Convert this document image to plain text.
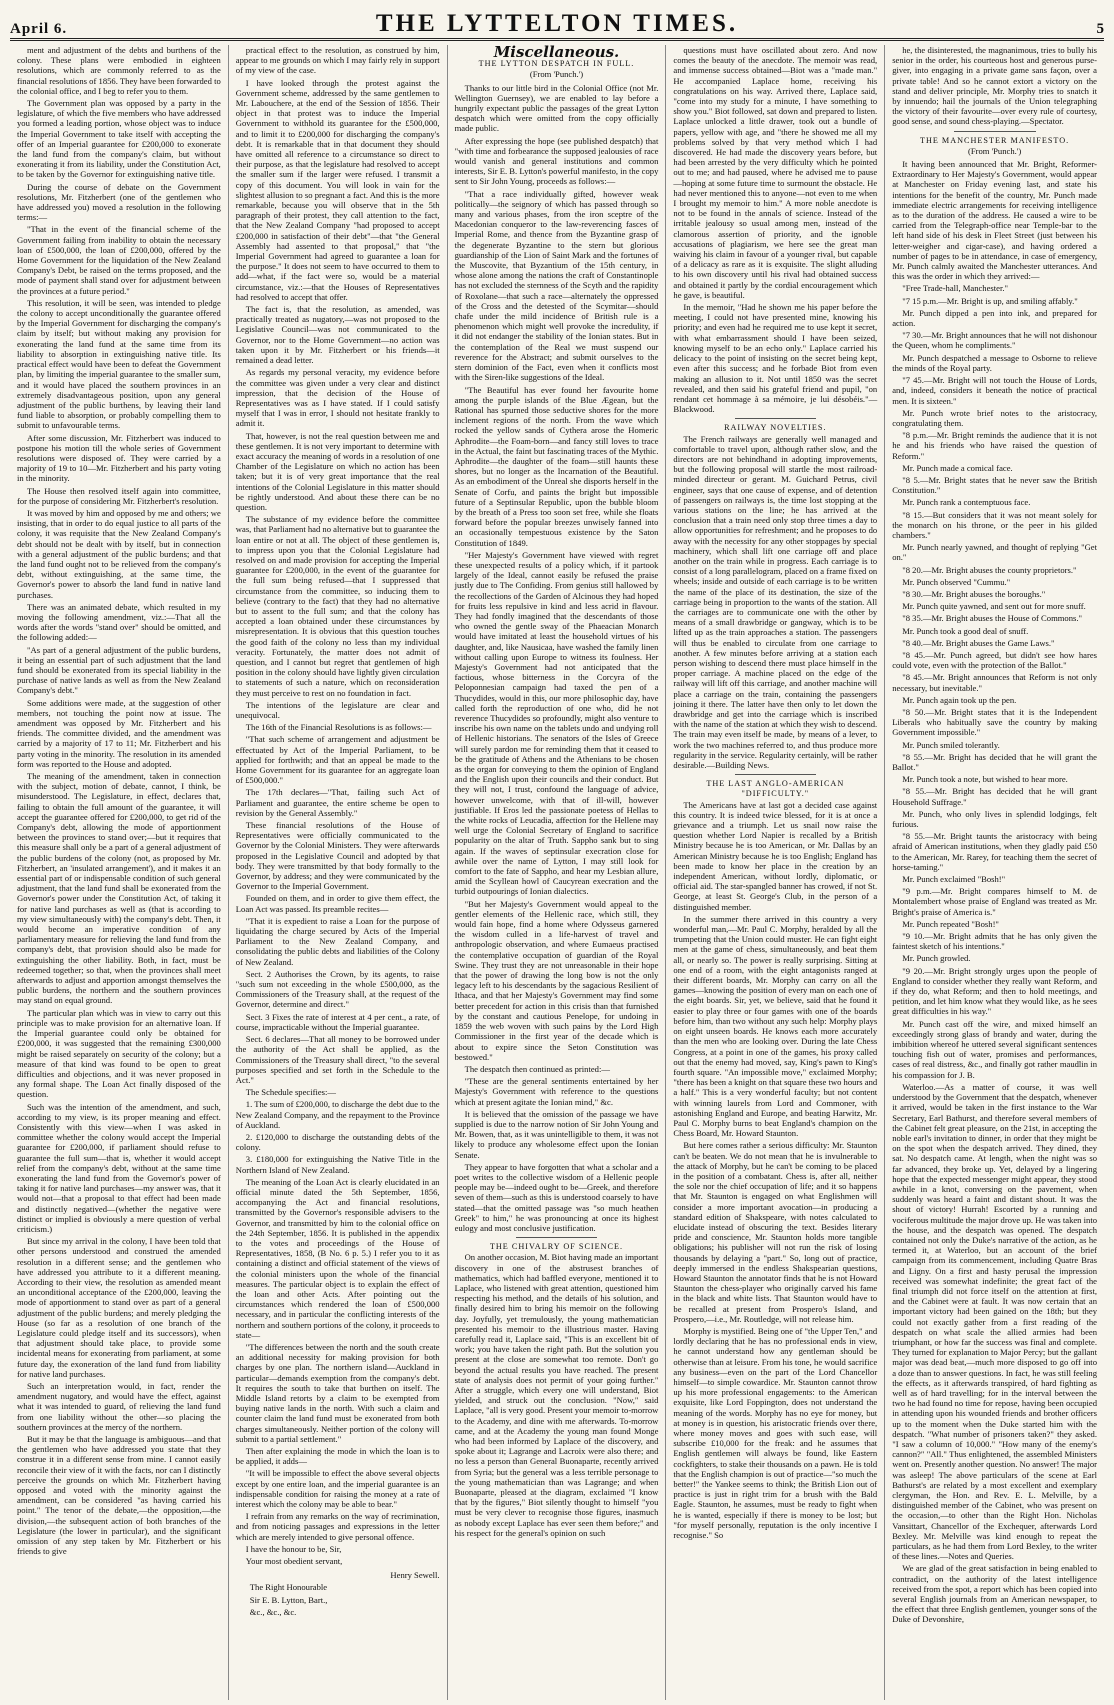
April 6.	THE LYTTELTON TIMES.	5

ment and adjustment of the debts and burthens of the colony. These plans were embodied in eighteen resolutions, which are commonly referred to as the financial resolutions of 1856. They have been forwarded to the colonial office, and I beg to refer you to them.

The Government plan was opposed by a party in the legislature, of which the five members who have addressed you formed a leading portion, whose object was to induce the Imperial Government to take itself with accepting the offer of an Imperial guarantee for £200,000 to exonerate the land fund from the company's claim, but without exonerating it from its liability, under the Constitution Act, to be taken by the Governor for extinguishing native title.

During the course of debate on the Government resolutions, Mr. Fitzherbert (one of the gentlemen who have addressed you) moved a resolution in the following terms:—

"That in the event of the financial scheme of the Government failing from inability to obtain the necessary loan of £500,000, the loan of £200,000, offered by the Home Government for the liquidation of the New Zealand Company's Debt, be raised on the terms proposed, and the mode of payment shall stand over for adjustment between the provinces at a future period."

This resolution, it will be seen, was intended to pledge the colony to accept unconditionally the guarantee offered by the Imperial Government for discharging the company's claim by itself; but without making any provision for exonerating the land fund at the same time from its liability to absorption in extinguishing native title. Its practical effect would have been to defeat the Government plan, by limiting the imperial guarantee to the smaller sum, and it would have placed the southern provinces in an extremely disadvantageous position, upon any general adjustment of the public burthens, by leaving their land fund liable to absorption, or probably compelling them to submit to unfavourable terms.

After some discussion, Mr. Fitzherbert was induced to postpone his motion till the whole series of Government resolutions were disposed of. They were carried by a majority of 19 to 10—Mr. Fitzherbert and his party voting in the minority.

The House then resolved itself again into committee, for the purpose of considering Mr. Fitzherbert's resolution.

It was moved by him and opposed by me and others; we insisting, that in order to do equal justice to all parts of the colony, it was requisite that the New Zealand Company's debt should not be dealt with by itself, but in connection with a general adjustment of the public burdens; and that the land fund ought not to be relieved from the company's debt, without extinguishing, at the same time, the Governor's power to absorb the land fund in native land purchases.

There was an animated debate, which resulted in my moving the following amendment, viz.:—That all the words after the words "stand over" should be omitted, and the following added:—

"As part of a general adjustment of the public burdens, it being an essential part of such adjustment that the land fund should be exonerated from its special liability in the purchase of native lands as well as from the New Zealand Company's debt."

Some additions were made, at the suggestion of other members, not touching the point now at issue. The amendment was opposed by Mr. Fitzherbert and his friends. The committee divided, and the amendment was carried by a majority of 17 to 11; Mr. Fitzherbert and his party voting in the minority. The resolution in its amended form was reported to the House and adopted.

The meaning of the amendment, taken in connection with the subject, motion of debate, cannot, I think, be misunderstood. The Legislature, in effect, declares that, failing to obtain the full amount of the guarantee, it will accept the guarantee offered for £200,000, to get rid of the Company's debt, allowing the mode of apportionment between the provinces to stand over;—but it requires that this measure shall only be a part of a general adjustment of the public burdens of the colony (not, as proposed by Mr. Fitzherbert, an 'insulated arrangement'), and it makes it an essential part of or indispensable condition of such general adjustment, that the land fund shall be exonerated from the Governor's power under the Constitution Act, of taking it for native land purchases as well as (that is according to my view simultaneously with) the company's debt. Then, it would become an imperative condition of any parliamentary measure for relieving the land fund from the company's debt, that provision should also be made for extinguishing the other liability. Both, in fact, must be redeemed together; so that, when the provinces shall meet afterwards to adjust and apportion amongst themselves the public burdens, the northern and the southern provinces may stand on equal ground.

The particular plan which was in view to carry out this principle was to make provision for an alternative loan. If the Imperial guarantee could only be obtained for £200,000, it was suggested that the remaining £300,000 might be raised separately on security of the colony; but a measure of that kind was found to be open to great difficulties and objections, and it was never proposed in any formal shape. The Loan Act finally disposed of the question.

Such was the intention of the amendment, and such, according to my view, is its proper meaning and effect. Consistently with this view—when I was asked in committee whether the colony would accept the Imperial guarantee for £200,000, if parliament should refuse to guarantee the full sum—that is, whether it would accept relief from the company's debt, without at the same time exonerating the land fund from the Governor's power of taking it for native land purchases—my answer was, that it would not—that a proposal to that effect had been made and distinctly negatived—(whether the negative were distinct or implied is obviously a mere question of verbal criticism.)

But since my arrival in the colony, I have been told that other persons understood and construed the amended resolution in a different sense; and the gentlemen who have addressed you attribute to it a different meaning. According to their view, the resolution as amended meant an unconditional acceptance of the £200,000, leaving the mode of apportionment to stand over as part of a general adjustment of the public burdens; and merely pledging the House (so far as a resolution of one branch of the Legislature could pledge itself and its successors), when that adjustment should take place, to provide some incidental means for exonerating from parliament, at some future day, the exoneration of the land fund from liability for native land purchases.

Such an interpretation would, in fact, render the amendment nugatory, and would have the effect, against what it was intended to guard, of relieving the land fund from one liability without the other—so placing the southern provinces at the mercy of the northern.

But it may be that the language is ambiguous—and that the gentlemen who have addressed you state that they construe it in a different sense from mine. I cannot easily reconcile their view of it with the facts, nor can I distinctly perceive the grounds on which Mr. Fitzherbert having opposed and voted with the minority against the amendment, can be considered "as having carried his point." The tenor of the debate,—the opposition,—the division,—the subsequent action of both branches of the Legislature (the lower in particular), and the significant omission of any step taken by Mr. Fitzherbert or his friends to give

practical effect to the resolution, as construed by him, appear to me grounds on which I may fairly rely in support of my view of the case.

I have looked through the protest against the Government scheme, addressed by the same gentlemen to Mr. Labouchere, at the end of the Session of 1856. Their object in that protest was to induce the Imperial Government to withhold its guarantee for the £500,000, and to limit it to £200,000 for discharging the company's debt. It is remarkable that in that document they should have omitted all reference to a circumstance so direct to their purpose, as that the legislature had resolved to accept the smaller sum if the larger were refused. I transmit a copy of this document. You will look in vain for the slightest allusion to so pregnant a fact. And this is the more remarkable, because you will observe that in the 5th paragraph of their protest, they call attention to the fact, that the New Zealand Company "had proposed to accept £200,000 in satisfaction of their debt"—that "the General Assembly had assented to that proposal," that "the Imperial Government had agreed to guarantee a loan for the purpose." It does not seem to have occurred to them to add—what, if the fact were so, would be a material circumstance, viz.:—that the Houses of Representatives had resolved to accept that offer.

The fact is, that the resolution, as amended, was practically treated as nugatory,—was not proposed to the Legislative Council—was not communicated to the Governor, nor to the Home Government—no action was taken upon it by Mr. Fitzherbert or his friends—it remained a dead letter.

As regards my personal veracity, my evidence before the committee was given under a very clear and distinct impression, that the decision of the House of Representatives was as I have stated. If I could satisfy myself that I was in error, I should not hesitate frankly to admit it.

That, however, is not the real question between me and these gentlemen. It is not very important to determine with exact accuracy the meaning of words in a resolution of one Chamber of the Legislature on which no action has been taken; but it is of very great importance that the real intentions of the Colonial Legislature in this matter should be rightly understood. And about these there can be no question.

The substance of my evidence before the committee was, that Parliament had no alternative but to guarantee the loan entire or not at all. The object of these gentlemen is, to impress upon you that the Colonial Legislature had resolved on and made provision for accepting the Imperial guarantee for £200,000, in the event of the guarantee for the full sum being refused—that I suppressed that circumstance from the committee, so inducing them to believe (contrary to the fact) that they had no alternative but to assent to the full sum; and that the colony has accepted a loan obtained under these circumstances by misrepresentation. It is obvious that this question touches the good faith of the colony no less than my individual veracity. Fortunately, the matter does not admit of question, and I cannot but regret that gentlemen of high position in the colony should have lightly given circulation to statements of such a nature, which on reconsideration they must perceive to rest on no foundation in fact.

The intentions of the legislature are clear and unequivocal.

The 16th of the Financial Resolutions is as follows:—

"That such scheme of arrangement and adjustment be effectuated by Act of the Imperial Parliament, to be applied for forthwith; and that an appeal be made to the Home Government for its guarantee for an aggregate loan of £500,000."

The 17th declares—"That, failing such Act of Parliament and guarantee, the entire scheme be open to revision by the General Assembly."

These financial resolutions of the House of Representatives were officially communicated to the Governor by the Colonial Ministers. They were afterwards proposed in the Legislative Council and adopted by that body. They were transmitted by that body formally to the Governor, by address; and they were communicated by the Governor to the Imperial Government.

Founded on them, and in order to give them effect, the Loan Act was passed. Its preamble recites—

"That it is expedient to raise a Loan for the purpose of liquidating the charge secured by Acts of the Imperial Parliament to the New Zealand Company, and consolidating the public debts and liabilities of the Colony of New Zealand.

Sect. 2 Authorises the Crown, by its agents, to raise "such sum not exceeding in the whole £500,000, as the Commissioners of the Treasury shall, at the request of the Governor, determine and direct."

Sect. 3 Fixes the rate of interest at 4 per cent., a rate, of course, impracticable without the Imperial guarantee.

Sect. 6 declares—That all money to be borrowed under the authority of the Act shall be applied, as the Commissioners of the Treasury shall direct, "to the several purposes specified and set forth in the Schedule to the Act."

The Schedule specifies:—

1. The sum of £200,000, to discharge the debt due to the New Zealand Company, and the repayment to the Province of Auckland.

2. £120,000 to discharge the outstanding debts of the colony.

3. £180,000 for extinguishing the Native Title in the Northern Island of New Zealand.

The meaning of the Loan Act is clearly elucidated in an official minute dated the 5th September, 1856, accompanying the Act and financial resolutions, transmitted by the Governor's responsible advisers to the Governor, and transmitted by him to the colonial office on the 24th September, 1856. It is published in the appendix to the votes and proceedings of the House of Representatives, 1858, (B No. 6 p. 5.) I refer you to it as containing a distinct and official statement of the views of the colonial ministers upon the whole of the financial measures. The particular object is to explain the effect of the loan and other Acts. After pointing out the circumstances which rendered the loan of £500,000 necessary, and in particular the conflicting interests of the northern and southern portions of the colony, it proceeds to state—

"The differences between the north and the south create an additional necessity for making provision for both charges by one plan. The northern island—Auckland in particular—demands exemption from the company's debt. It requires the south to take that burthen on itself. The Middle Island retorts by a claim to be exempted from buying native lands in the north. With such a claim and counter claim the land fund must be exonerated from both charges simultaneously. Neither portion of the colony will submit to a partial settlement."

Then after explaining the mode in which the loan is to be applied, it adds—

"It will be impossible to effect the above several objects except by one entire loan, and the imperial guarantee is an indispensable condition for raising the money at a rate of interest which the colony may be able to bear."

I refrain from any remarks on the way of recrimination, and from noticing passages and expressions in the letter which are merely intended to give personal offence.

I have the honour to be, Sir,

Your most obedient servant,

Henry Sewell.
The Right Honourable
Sir E. B. Lytton, Bart.,
&c., &c., &c.
Miscellaneous.
THE LYTTON DESPATCH IN FULL.
(From 'Punch.')

Thanks to our little bird in the Colonial Office (not Mr. Wellington Guernsey), we are enabled to lay before a hungrily expectant public the passages of the great Lytton despatch which were omitted from the copy officially made public.

After expressing the hope (see published despatch) that "with time and forbearance the supposed jealousies of race would vanish and general institutions and common interests, Sir E. B. Lytton's powerful manifesto, in the copy sent to Sir John Young, proceeds as follows:—

"That a race individually gifted, however weak politically—the seignory of which has passed through so many and various phases, from the iron sceptre of the Macedonian conqueror to the law-reverencing fasces of Imperial Rome, and thence from the Byzantine grasp of the degenerate Byzantine to the stern but glorious guardianship of the Lion of Saint Mark and the fortunes of the Muscovite, that Byzantium of the 15th century, in whose alone among the nations the craft of Constantinople has not excluded the sternness of the Scyth and the rapidity of Roxolane—that such a race—alternately the oppressed of the Cross and the detested of the Scymitar—should chafe under the mild incidence of British rule is a phenomenon which might well provoke the incredulity, if it did not endanger the stability of the Ionian states. But in the contemplation of the Real we must suspend our reverence for the Abstract; and submit ourselves to the stern dominion of the Fact, even when it conflicts most with the Siren-like suggestions of the Ideal.

"The Beautiful has ever found her favourite home among the purple islands of the Blue Ægean, but the Rational has spurned those seductive shores for the more inclement regions of the north. From the wave which rocked the yellow sands of Cythera arose the Homeric Aphrodite—the Foam-born—and fancy still loves to trace in the Actual, the faint but fascinating traces of the Mythic. Aphrodite—the daughter of the foam—still haunts these shores, but no longer as the Incarnation of the Beautiful. As an embodiment of the Unreal she disports herself in the Senate of Corfu, and paints the bright but impossible future of a Septinsular Republic, upon the bubble bloom by the breath of a Press too soon set free, while she floats forward before the popular breezes unwisely fanned into an occasionally tempestuous existence by the Saton Constitution of 1849.

"Her Majesty's Government have viewed with regret these unexpected results of a policy which, if it partook largely of the Ideal, cannot easily be refused the praise justly due to The Confiding. From genius still hallowed by the recollections of the Garden of Alcinous they had hoped for fruits less repulsive in kind and less acrid in flavour. They had fondly imagined that the descendants of those who owned the gentle sway of the Phaeacian Monarch would have imitated at least the household virtues of his daughter, and, like Nausicaa, have washed the family linen without calling upon Europe to witness its foulness. Her Majesty's Government had not anticipated that the factious, whose bitterness in the Corcyra of the Peloponnesian campaign had taxed the pen of a Thucydides, would in this, our more philosophic day, have called forth the reproduction of one who, did he not reverence Thucydides so profoundly, might also venture to inscribe his own name on the tablets undo and undying roll of Hellenic historians. The senators of the Isles of Greece will surely pardon me for reminding them that it ceased to be the gratitude of Athens and the Athenians to be chosen as the organ for conveying to them the opinion of England and the English upon their councils and their conduct. But they will not, I trust, confound the language of advice, however unwelcome, with that of ill-will, however justifiable. If Eros led the passionate poetess of Hellas to the white rocks of Leucadia, affection for the Hellene may well urge the Colonial Secretary of England to sacrifice popularity on the altar of Truth. Sappho sank but to sing again. If the waves of septinsular execration close for awhile over the name of Lytton, I may still look for comfort to the fate of Sappho, and hear my Lesbian allure, amid the Scyllean howl of Caucyrean execration and the turbid outpourings of Ionian dialectics.

"But her Majesty's Government would appeal to the gentler elements of the Hellenic race, which still, they would fain hope, find a home where Odysseus garnered the wisdom culled in a life-harvest of travel and anthropologic observation, and where Eumaeus practised the contemplative occupation of guardian of the Royal Swine. They trust they are not unreasonable in their hope that the power of drawing the long bow is not the only legacy left to his descendants by the sagacious Resilient of Ithaca, and that her Majesty's Government may find some better precedent for action in this crisis than that furnished by the constant and cautious Penelope, for undoing in 1859 the web woven with such pains by the Lord High Commissioner in the first year of the decade which is about to expire since the Seton Constitution was bestowed."

The despatch then continued as printed:—

"These are the general sentiments entertained by her Majesty's Government with reference to the questions which at present agitate the Ionian mind," &c.

It is believed that the omission of the passage we have supplied is due to the narrow notion of Sir John Young and Mr. Bowen, that, as it was unintelligible to them, it was not likely to produce any wholesome effect upon the Ionian Senate.

They appear to have forgotten that what a scholar and a poet writes to the collective wisdom of a Hellenic people people may be—indeed ought to be—Greek, and therefore seven of them—such as this is understood coarsely to have stated—that the omitted passage was "so much heathen Greek" to him," he was pronouncing at once its highest eulogy and most conclusive justification.

THE CHIVALRY OF SCIENCE.

On another occasion, M. Biot having made an important discovery in one of the abstrusest branches of mathematics, which had baffled everyone, mentioned it to Laplace, who listened with great attention, questioned him respecting his method, and the details of his solution, and finally desired him to bring his memoir on the following day. Joyfully, yet tremulously, the young mathematician presented his memoir to the illustrious master. Having carefully read it, Laplace said, "This is an excellent bit of work; you have taken the right path. But the solution you present at the close are somewhat too remote. Don't go beyond the actual results you have reached. The present state of analysis does not permit of your going further." After a struggle, which every one will understand, Biot yielded, and struck out the conclusion. "Now," said Laplace, "all is very good. Present your memoir to-morrow to the Academy, and dine with me afterwards. To-morrow came, and at the Academy the young man found Monge who had been informed by Laplace of the discovery, and spoke about it; Lagrange and Lacroix were also there; and no less a person than General Buonaparte, recently arrived from Syria; but the general was a less terrible personage to the young mathematician than was Lagrange; and when Buonaparte, pleased at the diagram, exclaimed "I know that by the figures," Biot silently thought to himself "you must be very clever to recognise those figures, inasmuch as nobody except Laplace has ever seen them before;" and his respect for the general's opinion on such

questions must have oscillated about zero. And now comes the beauty of the anecdote. The memoir was read, and immense success obtained—Biot was a "made man." He accompanied Laplace home, receiving his congratulations on his way. Arrived there, Laplace said, "come into my study for a minute, I have something to show you." Biot followed, sat down and prepared to listen. Laplace unlocked a little drawer, took out a bundle of papers, yellow with age, and "there he showed me all my problems solved by that very method which I had discovered. He had made the discovery years before, but had been arrested by the very difficulty which he pointed out to me; and had paused, where he advised me to pause—hoping at some future time to surmount the obstacle. He had never mentioned this to anyone—not even to me when I brought my memoir to him." A more noble anecdote is not to be found in the annals of science. Instead of the irritable jealousy so usual among men, instead of the clamorous assertion of priority, and the ignoble accusations of plagiarism, we here see the great man waiving his claim in favour of a younger rival, but capable of a delicacy as rare as it is exquisite. The slight alluding to his own discovery until his rival had obtained success and obtained it partly by the cordial encouragement which he gave, is beautiful.

In the memoir, "Had he shown me his paper before the meeting, I could not have presented mine, knowing his priority; and even had he required me to use kept it secret, with what embarrassment should I have been seized, knowing myself to be an echo only." Laplace carried his delicacy to the point of insisting on the secret being kept, even after this success; and he forbade Biot from even making an allusion to it. Not until 1850 was the secret revealed, and then said his grateful friend and pupil, "on rendant cet hommage à sa mémoire, je lui désobéis."—Blackwood.

RAILWAY NOVELTIES.

The French railways are generally well managed and comfortable to travel upon, although rather slow, and the directors are not behindhand in adopting improvements, but the following proposal will startle the most railroad-minded directeur or gerant. M. Guichard Petrus, civil engineer, says that one cause of expense, and of detention of passengers on railways is, the time lost stopping at the various stations on the line; he has arrived at the conclusion that a train need only stop three times a day to allow opportunities for refreshment; and he proposes to do away with the necessity for any other stoppages by special machinery, which shall lift one carriage off and place another on the train while in progress. Each carriage is to consist of a long parallelogram, placed on a frame fixed on wheels; inside and outside of each carriage is to be written the name of the place of its destination, the size of the carriage being in proportion to the wants of the station. All the carriages are to communicate one with the other by means of a small drawbridge or gangway, which is to be lifted up as the train approaches a station. The passengers will thus be enabled to circulate from one carriage to another. A few minutes before arriving at a station each person wishing to descend there must place himself in the proper carriage. A machine placed on the edge of the railway will lift off this carriage, and another machine will place a carriage on the train, containing the passengers joining it there. The latter have then only to let down the drawbridge and get into the carriage which is inscribed with the name of the station at which they wish to descend. The train may even itself be made, by means of a lever, to work the two machines referred to, and thus produce more regularity in the service. Regularity certainly, will be rather desirable.—Building News.

THE LAST ANGLO-AMERICAN "DIFFICULTY."

The Americans have at last got a decided case against this country. It is indeed twice blessed, for it is at once a grievance and a triumph. Let us snail now raise the question whether Lord Napier is recalled by a British Ministry because he is too American, or Mr. Dallas by an American Ministry because he is too English; England has been made to know her place in the creation by an independent American, without lordly, diplomatic, or official aid. The star-spangled banner has crowed, if not St. George, at least St. George's Club, in the person of a distinguished member.

In the summer there arrived in this country a very wonderful man,—Mr. Paul C. Morphy, heralded by all the trumpeting that the Union could muster. He can fight eight men at the game of chess, simultaneously, and beat them all, or nearly so. The power is really surprising. Sitting at one end of a room, with the eight antagonists ranged at their different boards, Mr. Morphy can carry on all the games—knowing the position of every man on each one of the eight boards. Sir, yet, we believe, said that he found it easier to play three or four games with one of the boards before him, than two without any such help: Morphy plays on eight unseen boards. He knows each more accurately than the men who are looking over. During the late Chess Congress, at a point in one of the games, his proxy called out that the enemy had moved, say, King's pawn to King's fourth square. "An impossible move," exclaimed Morphy; "there has been a knight on that square these two hours and a half." This is a very wonderful faculty; but not content with winning laurels from Lord and Commoner, with astonishing England and Europe, and beating Harwitz, Mr. Paul C. Morphy burns to beat England's champion on the Chess Board, Mr. Howard Staunton.

But here comes rather a serious difficulty: Mr. Staunton can't be beaten. We do not mean that he is invulnerable to the attack of Morphy, but he can't be coming to be placed in the position of a combatant. Chess is, after all, neither the sole nor the chief occupation of life; and it so happens that Mr. Staunton is engaged on what Englishmen will consider a more important avocation—in producing a standard edition of Shakspeare, with notes calculated to elucidate instead of obscuring the text. Besides literary pride and conscience, Mr. Staunton holds more tangible obligations; his publisher will not run the risk of losing thousands by delaying a "part." So, long out of practice, deeply immersed in the endless Shakspearian questions, Howard Staunton the annotator finds that he is not Howard Staunton the chess-player who originally carved his fame in the black and white lists. That Staunton would have to be recalled at present from Prospero's Island, and Prospero,—i.e., Mr. Routledge, will not release him.

Morphy is mystified. Being one of "the Upper Ten," and lordly declaring that he has no professional ends in view, he cannot understand how any gentleman should be otherwise than at leisure. From his tone, he would sacrifice any business—even on the part of the Lord Chancellor himself—to simple cowardice. Mr. Staunton cannot throw up his more professional engagements: to the American exquisite, like Lord Foppington, does not understand the meaning of the words. Morphy has no eye for money, but at money is in question, his aristocratic friends over there, where money moves and goes with such ease, will subscribe £10,000 for the freak: and he assumes that English gentlemen will always be found, like Eastern cockfighters, to stake their thousands on a pawn. He is told that the English champion is out of practice—"so much the better!" the Yankee seems to think; the British Lion out of practice is just in right trim for a brush with the Bald Eagle. Staunton, he assumes, must be ready to fight when he is wanted, especially if there is money to be lost; but "for myself personally, reputation is the only incentive I recognise." So

he, the disinterested, the magnanimous, tries to bully his senior in the order, his courteous host and generous purse-giver, into engaging in a private game sans façon, over a private table! And so he cannot extort a victory on the stand and deliver principle, Mr. Morphy tries to snatch it by innuendo; hail the journals of the Union telegraphing the victory of their favourite—over every rule of courtesy, good sense, and sound chess-playing.—Spectator.

THE MANCHESTER MANIFESTO.
(From 'Punch.')

It having been announced that Mr. Bright, Reformer-Extraordinary to Her Majesty's Government, would appear at Manchester on Friday evening last, and state his intentions for the benefit of the country, Mr. Punch made immediate electric arrangements for receiving intelligence as to the duration of the address. He caused a wire to be carried from the Telegraph-office near Temple-bar to the left hand side of his desk in Fleet Street (just between his letter-weigher and cigar-case), and having ordered a number of pages to be in attendance, in case of emergency, Mr. Punch calmly awaited the Manchester utterances. And this was the order in which they arrived:—

"Free Trade-hall, Manchester."

"7 15 p.m.—Mr. Bright is up, and smiling affably."

Mr. Punch dipped a pen into ink, and prepared for action.

"7 30.—Mr. Bright announces that he will not dishonour the Queen, whom he compliments."

Mr. Punch despatched a message to Osborne to relieve the minds of the Royal party.

"7 45.—Mr. Bright will not touch the House of Lords, and, indeed, considers it beneath the notice of practical men. It is sixteen."

Mr. Punch wrote brief notes to the aristocracy, congratulating them.

"8 p.m.—Mr. Bright reminds the audience that it is not he and his friends who have raised the question of Reform."

Mr. Punch made a comical face.

"8 5.—Mr. Bright states that he never saw the British Constitution."

Mr. Punch rank a contemptuous face.

"8 15.—But considers that it was not meant solely for the monarch on his throne, or the peer in his gilded chambers."

Mr. Punch nearly yawned, and thought of replying "Get on."

"8 20.—Mr. Bright abuses the county proprietors."

Mr. Punch observed "Cummu."

"8 30.—Mr. Bright abuses the boroughs."

Mr. Punch quite yawned, and sent out for more snuff.

"8 35.—Mr. Bright abuses the House of Commons."

Mr. Punch took a good deal of snuff.

"8 40.—Mr. Bright abuses the Game Laws."

"8 45.—Mr. Punch agreed, but didn't see how hares could vote, even with the protection of the Ballot."

"8 45.—Mr. Bright announces that Reform is not only necessary, but inevitable."

Mr. Punch again took up the pen.

"8 50.—Mr. Bright states that it is the Independent Liberals who habitually save the country by making Government impossible."

Mr. Punch smiled tolerantly.

"8 55.—Mr. Bright has decided that he will grant the Ballot."

Mr. Punch took a note, but wished to hear more.

"8 55.—Mr. Bright has decided that he will grant Household Suffrage."

Mr. Punch, who only lives in splendid lodgings, felt furious.

"8 55.—Mr. Bright taunts the aristocracy with being afraid of American institutions, when they gladly paid £50 to the American, Mr. Rarey, for teaching them the secret of horse-taming."

Mr. Punch exclaimed "Bosh!"

"9 p.m.—Mr. Bright compares himself to M. de Montalembert whose praise of England was treated as Mr. Bright's praise of America is."

Mr. Punch repeated "Bosh!"

"9 10.—Mr. Bright admits that he has only given the faintest sketch of his intentions."

Mr. Punch growled.

"9 20.—Mr. Bright strongly urges upon the people of England to consider whether they really want Reform, and if they do, what Reform; and then to hold meetings, and petition, and let him know what they would like, as he sees great difficulties in his way."

Mr. Punch cast off the wire, and mixed himself an exceedingly strong glass of brandy and water, during the imbibition whereof he uttered several significant sentences touching fish out of water, promises and performances, cases of real distress, &c., and finally got rather maudlin in his compassion for J. B.

Waterloo.—As a matter of course, it was well understood by the Government that the despatch, whenever it arrived, would be taken in the first instance to the War Secretary, Earl Bathurst, and therefore several members of the Cabinet felt great pleasure, on the 21st, in accepting the noble earl's invitation to dinner, in order that they might be on the spot when the despatch arrived. They dined, they sat. No despatch came. At length, when the night was so far advanced, they broke up. Yet, delayed by a lingering hope that the expected messenger might appear, they stood awhile in a knot, conversing on the pavement, when suddenly was heard a faint and distant shout. It was the shout of victory! Hurrah! Escorted by a running and vociferous multitude the major drove up. He was taken into the house, and the despatch was opened. The despatch contained not only the Duke's narrative of the action, as he termed it, at Waterloo, but an account of the brief campaign from its commencement, including Quatre Bras and Ligny. On a first and hasty perusal the impression received was somewhat indefinite; the great fact of the final triumph did not force itself on the attention at first, and the Cabinet were at fault. It was now certain that an important victory had been gained on the 18th; but they could not exactly gather from a first reading of the despatch on what scale the allied armies had been triumphant, or how far the success was final and complete. They turned for explanation to Major Percy; but the gallant major was dead beat,—much more disposed to go off into a doze than to answer questions. In fact, he was still feeling the effects, as it afterwards transpired, of hard fighting as well as of hard travelling; for in the interval between the two he had found no time for repose, having been occupied in attending upon his wounded friends and brother officers up to the moment when the Duke started him with the despatch. "What number of prisoners taken?" they asked. "I saw a column of 10,000." "How many of the enemy's cannon?" "All." Thus enlightened, the assembled Ministers went on. Presently another question. No answer! The major was asleep! The above particulars of the scene at Earl Bathurst's are related by a most excellent and exemplary clergyman, the Hon. and Rev. E. L. Melville, by a distinguished member of the Cabinet, who was present on the occasion,—to other than the Right Hon. Nicholas Vansittart, Chancellor of the Exchequer, afterwards Lord Bexley. Mr. Melville was kind enough to repeat the particulars, as he had them from Lord Bexley, to the writer of these lines.—Notes and Queries.

We are glad of the great satisfaction in being enabled to contradict, on the authority of the latest intelligence received from the spot, a report which has been copied into several English journals from an American newspaper, to the effect that three English gentlemen, younger sons of the Duke of Devonshire,
